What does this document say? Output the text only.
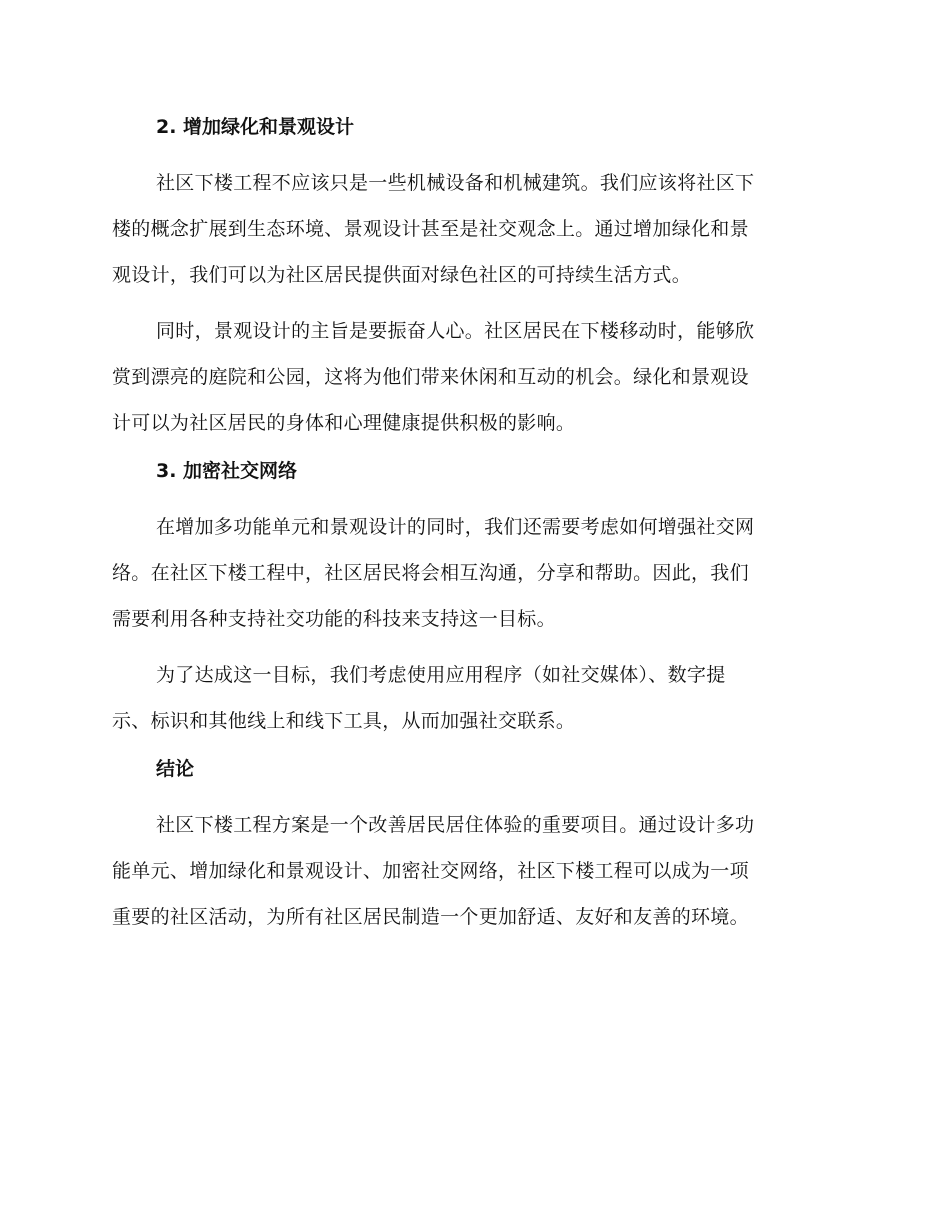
2. 增加绿化和景观设计
社区下楼工程不应该只是一些机械设备和机械建筑。我们应该将社区下
楼的概念扩展到生态环境、景观设计甚至是社交观念上。通过增加绿化和景
观设计，我们可以为社区居民提供面对绿色社区的可持续生活方式。
同时，景观设计的主旨是要振奋人心。社区居民在下楼移动时，能够欣
赏到漂亮的庭院和公园，这将为他们带来休闲和互动的机会。绿化和景观设
计可以为社区居民的身体和心理健康提供积极的影响。
3. 加密社交网络
在增加多功能单元和景观设计的同时，我们还需要考虑如何增强社交网
络。在社区下楼工程中，社区居民将会相互沟通，分享和帮助。因此，我们
需要利用各种支持社交功能的科技来支持这一目标。
为了达成这一目标，我们考虑使用应用程序（如社交媒体）、数字提
示、标识和其他线上和线下工具，从而加强社交联系。
结论
社区下楼工程方案是一个改善居民居住体验的重要项目。通过设计多功
能单元、增加绿化和景观设计、加密社交网络，社区下楼工程可以成为一项
重要的社区活动，为所有社区居民制造一个更加舒适、友好和友善的环境。
